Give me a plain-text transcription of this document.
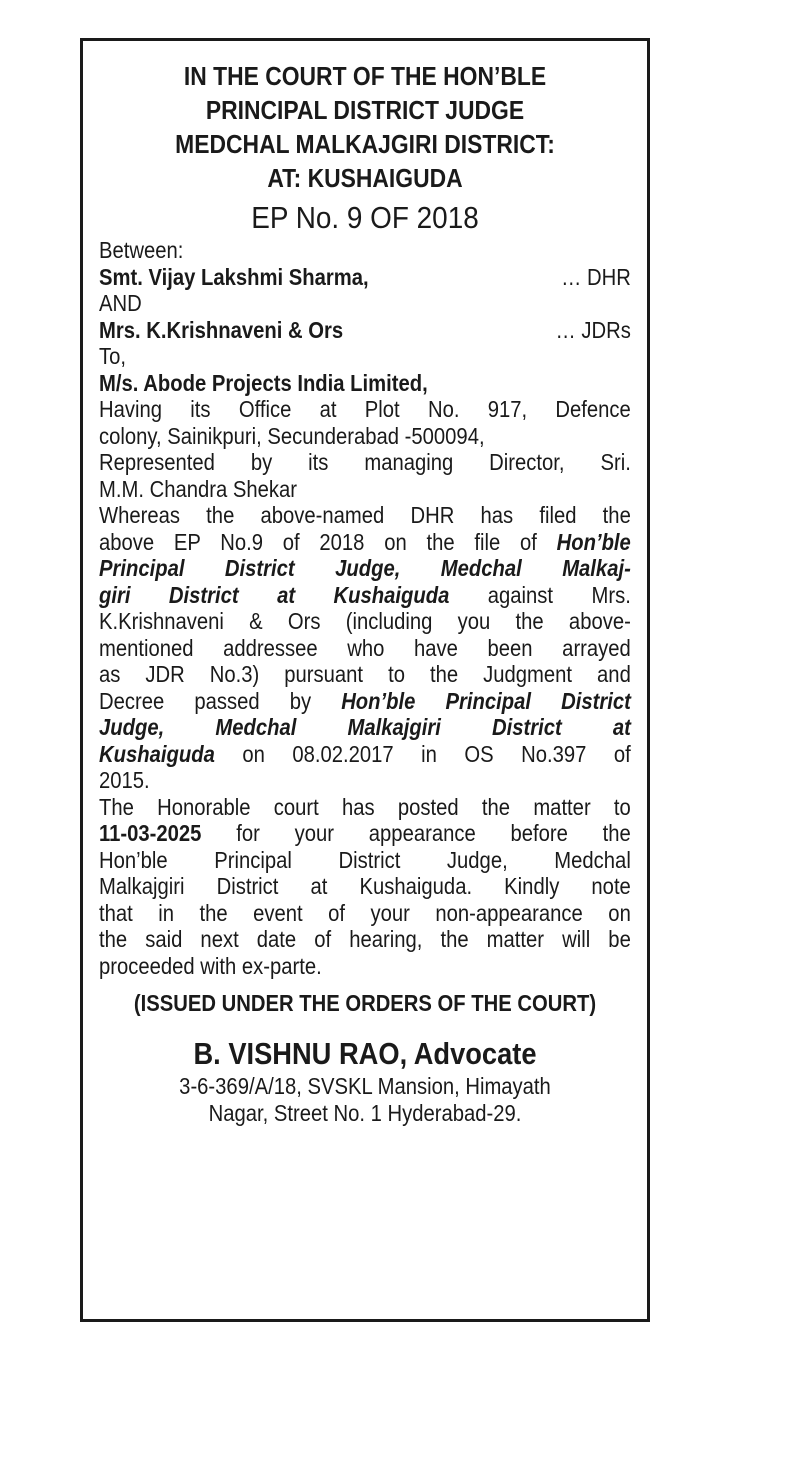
IN THE COURT OF THE HON’BLE

PRINCIPAL DISTRICT JUDGE

MEDCHAL MALKAJGIRI DISTRICT:

AT: KUSHAIGUDA

EP No. 9 OF 2018
Between:
Smt. Vijay Lakshmi Sharma,	… DHR
AND
Mrs. K.Krishnaveni & Ors	… JDRs
To,
M/s. Abode Projects India Limited,
Having its Office at Plot No. 917, Defence
colony, Sainikpuri, Secunderabad -500094,
Represented by its managing Director, Sri.
M.M. Chandra Shekar
Whereas the above-named DHR has filed the
above EP No.9 of 2018 on the file of Hon’ble
Principal District Judge, Medchal Malkaj-
giri District at Kushaiguda against Mrs.
K.Krishnaveni & Ors (including you the above-
mentioned addressee who have been arrayed
as JDR No.3) pursuant to the Judgment and
Decree passed by Hon’ble Principal District
Judge, Medchal Malkajgiri District at
Kushaiguda on 08.02.2017 in OS No.397 of
2015.
The Honorable court has posted the matter to
11-03-2025 for your appearance before the
Hon’ble Principal District Judge, Medchal
Malkajgiri District at Kushaiguda. Kindly note
that in the event of your non-appearance on
the said next date of hearing, the matter will be
proceeded with ex-parte.
(ISSUED UNDER THE ORDERS OF THE COURT)
B. VISHNU RAO, Advocate
3-6-369/A/18, SVSKL Mansion, Himayath
Nagar, Street No. 1 Hyderabad-29.
